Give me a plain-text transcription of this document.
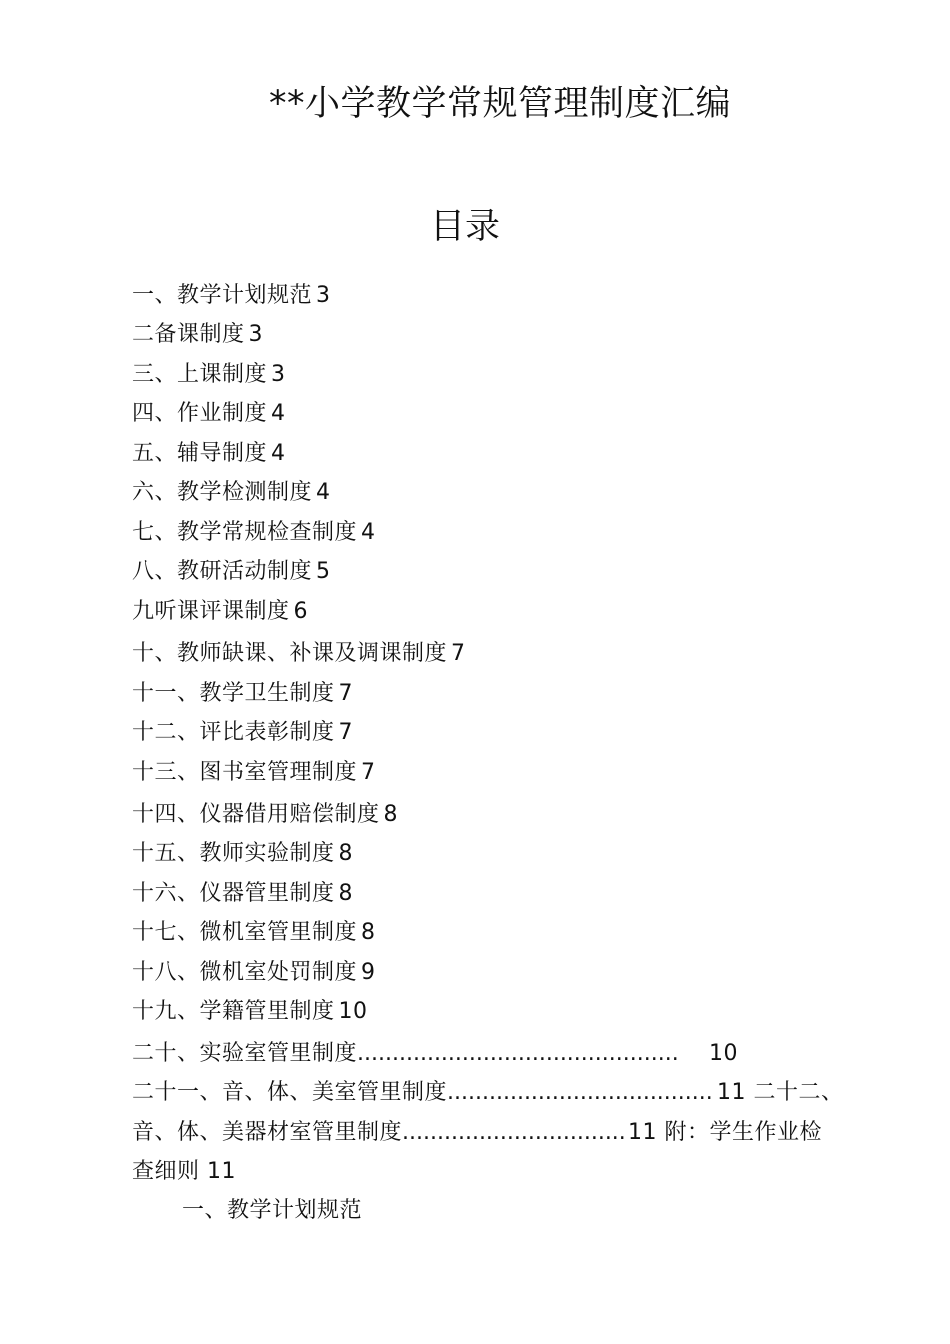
**小学教学常规管理制度汇编
目录
一、教学计划规范 3
二备课制度 3
三、上课制度 3
四、作业制度 4
五、辅导制度 4
六、教学检测制度 4
七、教学常规检查制度 4
八、教研活动制度 5
九听课评课制度 6
十、教师缺课、补课及调课制度 7
十一、教学卫生制度 7
十二、评比表彰制度 7
十三、图书室管理制度 7
十四、仪器借用赔偿制度 8
十五、教师实验制度 8
十六、仪器管里制度 8
十七、微机室管里制度 8
十八、微机室处罚制度 9
十九、学籍管里制度 10
二十、实验室管里制度.............................................. 10
二十一、音、体、美室管里制度...................................... 11 二十二、
音、体、美器材室管里制度................................ 11 附：学生作业检
查细则 11
一、教学计划规范
